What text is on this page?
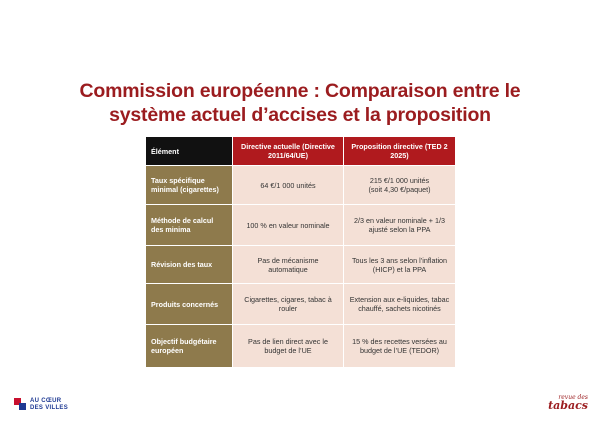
Commission européenne : Comparaison entre le
système actuel d’accises et la proposition
Élément	Directive actuelle (Directive 2011/64/UE)	Proposition directive (TED 2 2025)
Taux spécifique minimal (cigarettes)	64 €/1 000 unités	215 €/1 000 unités
(soit 4,30 €/paquet)

Méthode de calcul des minima	100 % en valeur nominale	2/3 en valeur nominale + 1/3 ajusté selon la PPA
Révision des taux	Pas de mécanisme automatique	Tous les 3 ans selon l’inflation (HICP) et la PPA
Produits concernés	Cigarettes, cigares, tabac à rouler	Extension aux e-liquides, tabac chauffé, sachets nicotinés
Objectif budgétaire européen	Pas de lien direct avec le budget de l’UE	15 % des recettes versées au budget de l’UE (TEDOR)
AU CŒUR
DES VILLES
revue des
tabacs
